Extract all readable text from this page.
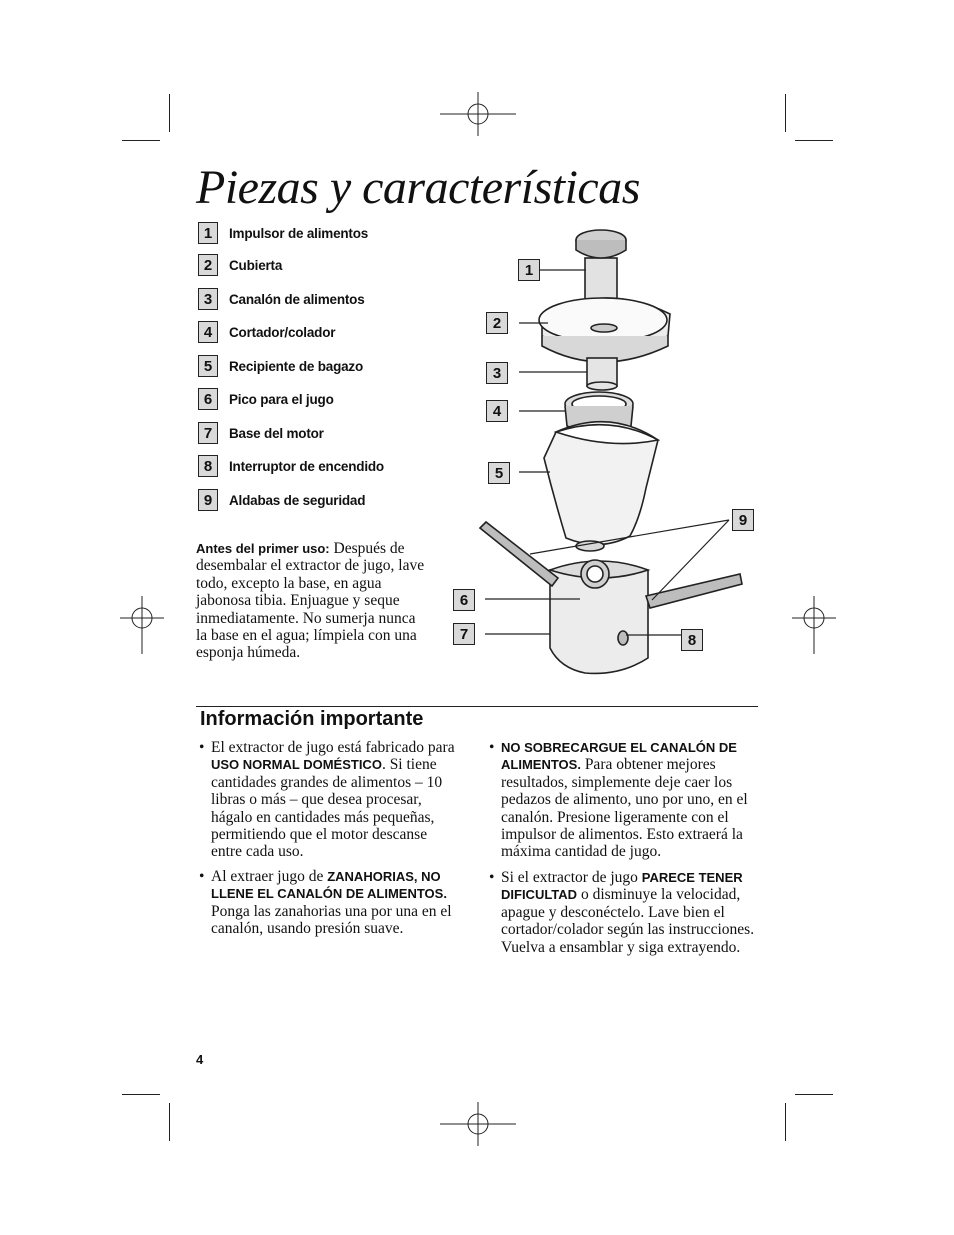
Piezas y características
1	Impulsor de alimentos
2	Cubierta
3	Canalón de alimentos
4	Cortador/colador
5	Recipiente de bagazo
6	Pico para el jugo
7	Base del motor
8	Interruptor de encendido
9	Aldabas de seguridad
1
2
3
4
5
9
6
7	8
Antes del primer uso: Después de desembalar el extractor de jugo, lave todo, excepto la base, en agua jabonosa tibia. Enjuague y seque inmediatamente. No sumerja nunca la base en el agua; límpiela con una esponja húmeda.
Información importante
• El extractor de jugo está fabricado para USO NORMAL DOMÉSTICO. Si tiene cantidades grandes de alimentos – 10 libras o más – que desea procesar, hágalo en cantidades más pequeñas, permitiendo que el motor descanse entre cada uso.
• Al extraer jugo de ZANAHORIAS, NO LLENE EL CANALÓN DE ALIMENTOS. Ponga las zanahorias una por una en el canalón, usando presión suave.
• NO SOBRECARGUE EL CANALÓN DE ALIMENTOS. Para obtener mejores resultados, simplemente deje caer los pedazos de alimento, uno por uno, en el canalón. Presione ligeramente con el impulsor de alimentos. Esto extraerá la máxima cantidad de jugo.
• Si el extractor de jugo PARECE TENER DIFICULTAD o disminuye la velocidad, apague y desconéctelo. Lave bien el cortador/colador según las instrucciones. Vuelva a ensamblar y siga extrayendo.
4
